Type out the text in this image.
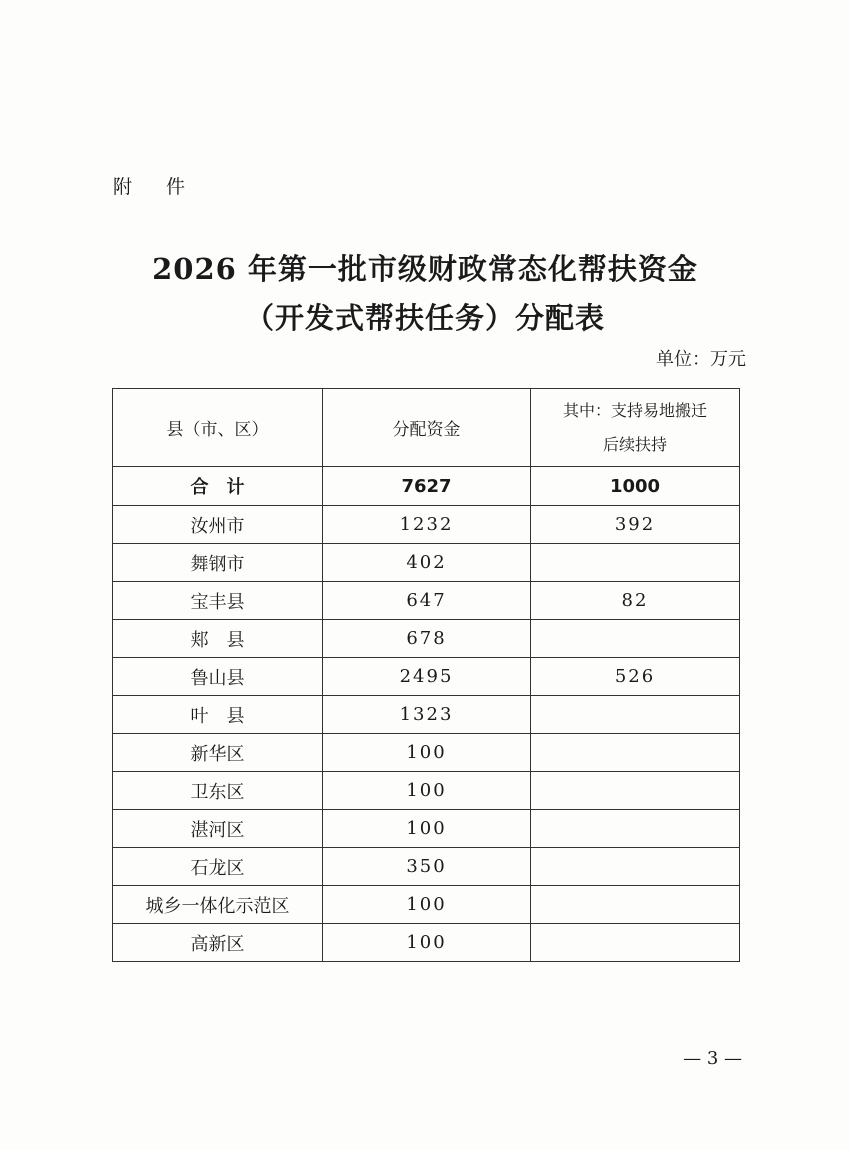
附 件
2026 年第一批市级财政常态化帮扶资金
（开发式帮扶任务）分配表
单位：万元
县（市、区）	分配资金	其中：支持易地搬迁
后续扶持

合计	7627	1000
汝州市	1232	392
舞钢市	402	
宝丰县	647	82
郏　县	678	
鲁山县	2495	526
叶　县	1323	
新华区	100	
卫东区	100	
湛河区	100	
石龙区	350	
城乡一体化示范区	100	
高新区	100	
— 3 —
